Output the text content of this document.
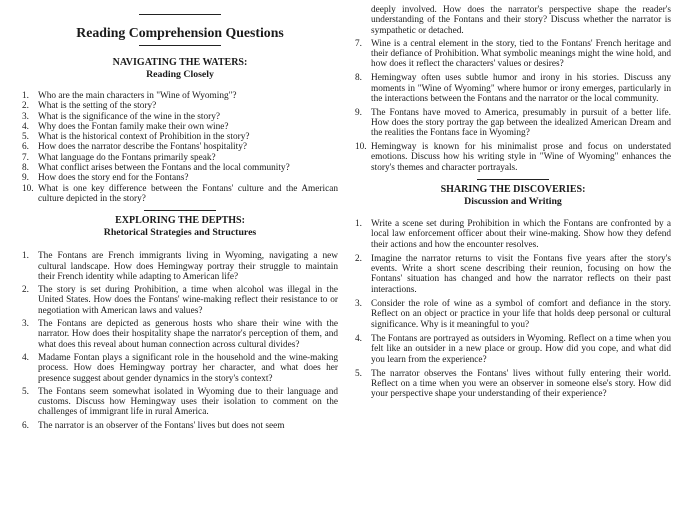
Reading Comprehension Questions
NAVIGATING THE WATERS:
Reading Closely
1. Who are the main characters in "Wine of Wyoming"?
2. What is the setting of the story?
3. What is the significance of the wine in the story?
4. Why does the Fontan family make their own wine?
5. What is the historical context of Prohibition in the story?
6. How does the narrator describe the Fontans' hospitality?
7. What language do the Fontans primarily speak?
8. What conflict arises between the Fontans and the local community?
9. How does the story end for the Fontans?
10. What is one key difference between the Fontans' culture and the American culture depicted in the story?
EXPLORING THE DEPTHS:
Rhetorical Strategies and Structures
1. The Fontans are French immigrants living in Wyoming, navigating a new cultural landscape. How does Hemingway portray their struggle to maintain their French identity while adapting to American life?
2. The story is set during Prohibition, a time when alcohol was illegal in the United States. How does the Fontans' wine-making reflect their resistance to or negotiation with American laws and values?
3. The Fontans are depicted as generous hosts who share their wine with the narrator. How does their hospitality shape the narrator's perception of them, and what does this reveal about human connection across cultural divides?
4. Madame Fontan plays a significant role in the household and the wine-making process. How does Hemingway portray her character, and what does her presence suggest about gender dynamics in the story's context?
5. The Fontans seem somewhat isolated in Wyoming due to their language and customs. Discuss how Hemingway uses their isolation to comment on the challenges of immigrant life in rural America.
6. The narrator is an observer of the Fontans' lives but does not seem

deeply involved. How does the narrator's perspective shape the reader's understanding of the Fontans and their story? Discuss whether the narrator is sympathetic or detached.

7. Wine is a central element in the story, tied to the Fontans' French heritage and their defiance of Prohibition. What symbolic meanings might the wine hold, and how does it reflect the characters' values or desires?
8. Hemingway often uses subtle humor and irony in his stories. Discuss any moments in "Wine of Wyoming" where humor or irony emerges, particularly in the interactions between the Fontans and the narrator or the local community.
9. The Fontans have moved to America, presumably in pursuit of a better life. How does the story portray the gap between the idealized American Dream and the realities the Fontans face in Wyoming?
10. Hemingway is known for his minimalist prose and focus on understated emotions. Discuss how his writing style in "Wine of Wyoming" enhances the story's themes and character portrayals.
SHARING THE DISCOVERIES:
Discussion and Writing
1. Write a scene set during Prohibition in which the Fontans are confronted by a local law enforcement officer about their wine-making. Show how they defend their actions and how the encounter resolves.
2. Imagine the narrator returns to visit the Fontans five years after the story's events. Write a short scene describing their reunion, focusing on how the Fontans' situation has changed and how the narrator reflects on their past interactions.
3. Consider the role of wine as a symbol of comfort and defiance in the story. Reflect on an object or practice in your life that holds deep personal or cultural significance. Why is it meaningful to you?
4. The Fontans are portrayed as outsiders in Wyoming. Reflect on a time when you felt like an outsider in a new place or group. How did you cope, and what did you learn from the experience?
5. The narrator observes the Fontans' lives without fully entering their world. Reflect on a time when you were an observer in someone else's story. How did your perspective shape your understanding of their experience?
